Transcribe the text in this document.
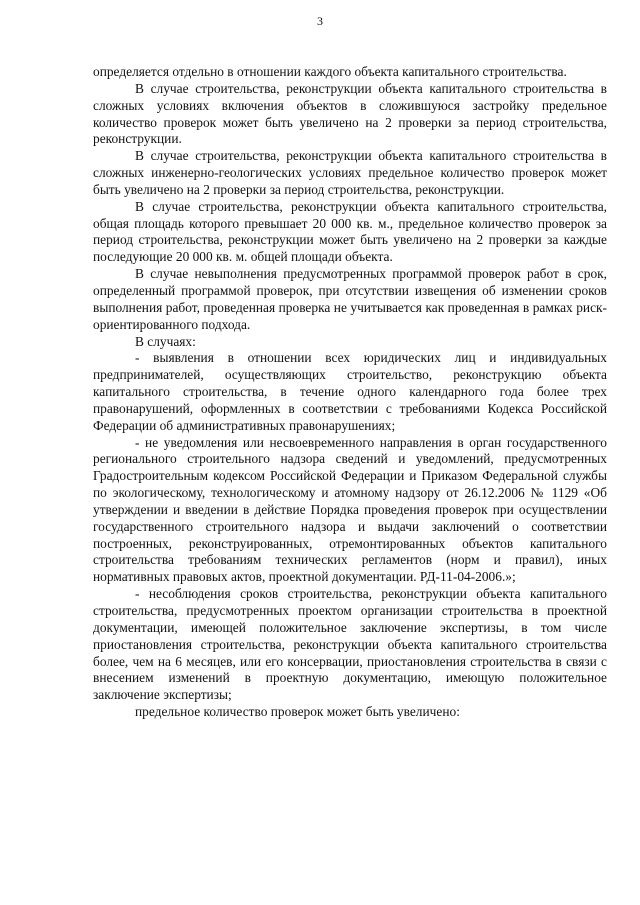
3

определяется отдельно в отношении каждого объекта капитального строительства.

В случае строительства, реконструкции объекта капитального строительства в сложных условиях включения объектов в сложившуюся застройку предельное количество проверок может быть увеличено на 2 проверки за период строительства, реконструкции.

В случае строительства, реконструкции объекта капитального строительства в сложных инженерно-геологических условиях предельное количество проверок может быть увеличено на 2 проверки за период строительства, реконструкции.

В случае строительства, реконструкции объекта капитального строительства, общая площадь которого превышает 20 000 кв. м., предельное количество проверок за период строительства, реконструкции может быть увеличено на 2 проверки за каждые последующие 20 000 кв. м. общей площади объекта.

В случае невыполнения предусмотренных программой проверок работ в срок, определенный программой проверок, при отсутствии извещения об изменении сроков выполнения работ, проведенная проверка не учитывается как проведенная в рамках риск-ориентированного подхода.

В случаях:

- выявления в отношении всех юридических лиц и индивидуальных предпринимателей, осуществляющих строительство, реконструкцию объекта капитального строительства, в течение одного календарного года более трех правонарушений, оформленных в соответствии с требованиями Кодекса Российской Федерации об административных правонарушениях;

- не уведомления или несвоевременного направления в орган государственного регионального строительного надзора сведений и уведомлений, предусмотренных Градостроительным кодексом Российской Федерации и Приказом Федеральной службы по экологическому, технологическому и атомному надзору от 26.12.2006 № 1129 «Об утверждении и введении в действие Порядка проведения проверок при осуществлении государственного строительного надзора и выдачи заключений о соответствии построенных, реконструированных, отремонтированных объектов капитального строительства требованиям технических регламентов (норм и правил), иных нормативных правовых актов, проектной документации. РД-11-04-2006.»;

- несоблюдения сроков строительства, реконструкции объекта капитального строительства, предусмотренных проектом организации строительства в проектной документации, имеющей положительное заключение экспертизы, в том числе приостановления строительства, реконструкции объекта капитального строительства более, чем на 6 месяцев, или его консервации, приостановления строительства в связи с внесением изменений в проектную документацию, имеющую положительное заключение экспертизы;

предельное количество проверок может быть увеличено:
